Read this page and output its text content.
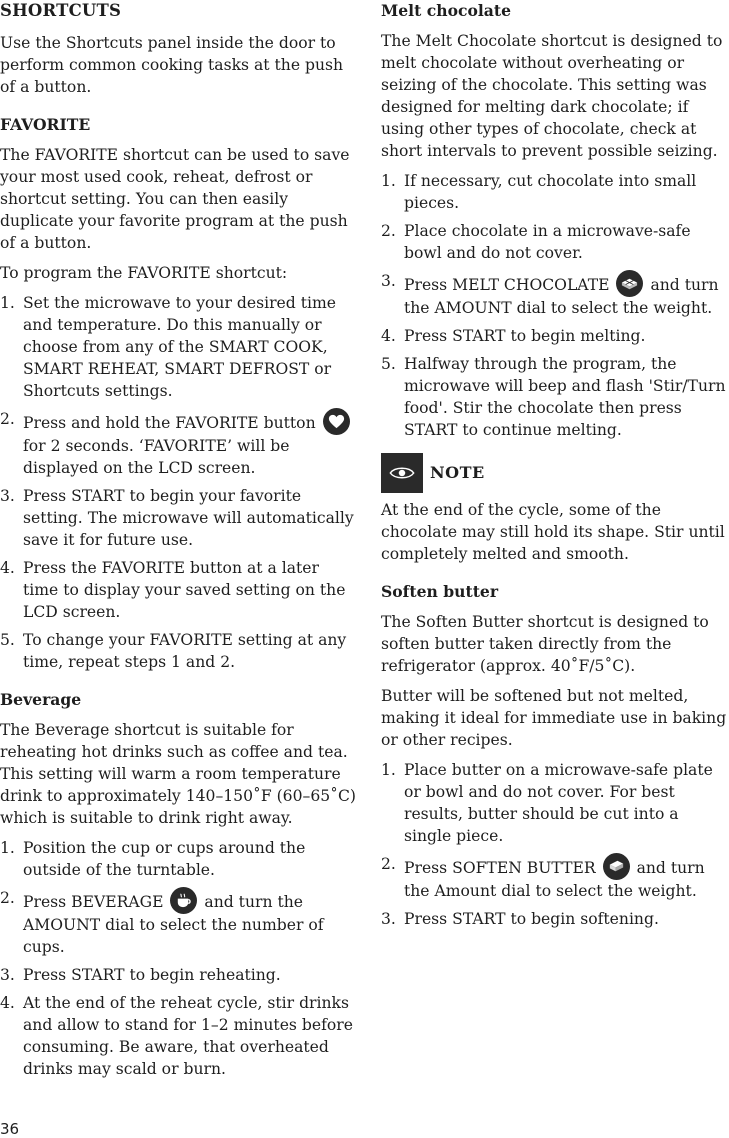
SHORTCUTS

Use the Shortcuts panel inside the door to perform common cooking tasks at the push of a button.

FAVORITE

The FAVORITE shortcut can be used to save your most used cook, reheat, defrost or shortcut setting. You can then easily duplicate your favorite program at the push of a button.

To program the FAVORITE shortcut:

1. Set the microwave to your desired time and temperature. Do this manually or choose from any of the SMART COOK, SMART REHEAT, SMART DEFROST or Shortcuts settings.
2. Press and hold the FAVORITE button
for 2 seconds. ‘FAVORITE’ will be displayed on the LCD screen.
3. Press START to begin your favorite setting. The microwave will automatically save it for future use.
4. Press the FAVORITE button at a later time to display your saved setting on the LCD screen.
5. To change your FAVORITE setting at any time, repeat steps 1 and 2.
Beverage

The Beverage shortcut is suitable for reheating hot drinks such as coffee and tea. This setting will warm a room temperature drink to approximately 140–150˚F (60–65˚C) which is suitable to drink right away.

1. Position the cup or cups around the outside of the turntable.
2. Press BEVERAGE	and turn the AMOUNT dial to select the number of cups.
3. Press START to begin reheating.
4. At the end of the reheat cycle, stir drinks and allow to stand for 1–2 minutes before consuming. Be aware, that overheated drinks may scald or burn.
Melt chocolate

The Melt Chocolate shortcut is designed to melt chocolate without overheating or seizing of the chocolate. This setting was designed for melting dark chocolate; if using other types of chocolate, check at short intervals to prevent possible seizing.

1. If necessary, cut chocolate into small pieces.
2. Place chocolate in a microwave-safe bowl and do not cover.
3. Press MELT CHOCOLATE	and turn the AMOUNT dial to select the weight.
4. Press START to begin melting.
5. Halfway through the program, the microwave will beep and flash 'Stir/Turn food'. Stir the chocolate then press START to continue melting.
NOTE

At the end of the cycle, some of the chocolate may still hold its shape. Stir until completely melted and smooth.

Soften butter

The Soften Butter shortcut is designed to soften butter taken directly from the refrigerator (approx. 40˚F/5˚C).

Butter will be softened but not melted, making it ideal for immediate use in baking or other recipes.

1. Place butter on a microwave-safe plate or bowl and do not cover. For best results, butter should be cut into a single piece.
2. Press SOFTEN BUTTER	and turn the Amount dial to select the weight.
3. Press START to begin softening.
36
